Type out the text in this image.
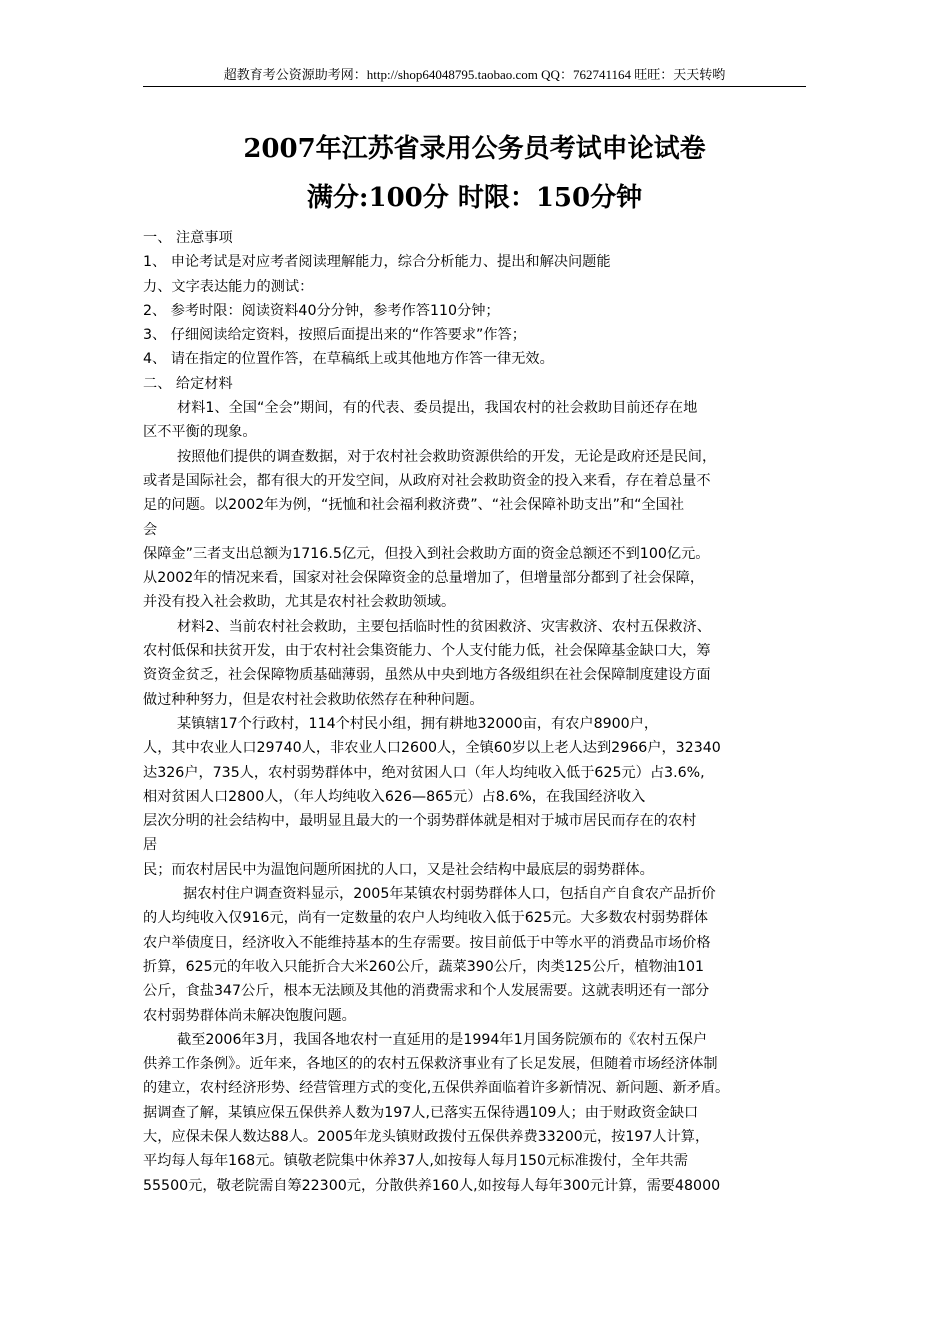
超教育考公资源助考网：http://shop64048795.taobao.com QQ：762741164 旺旺：天天转哟
2007年江苏省录用公务员考试申论试卷
满分:100分 时限：150分钟
一、 注意事项
1、 申论考试是对应考者阅读理解能力，综合分析能力、提出和解决问题能
力、文字表达能力的测试：
2、 参考时限：阅读资料40分分钟，参考作答110分钟；
3、 仔细阅读给定资料，按照后面提出来的“作答要求”作答；
4、 请在指定的位置作答，在草稿纸上或其他地方作答一律无效。
二、 给定材料
材料1、全国“全会”期间，有的代表、委员提出，我国农村的社会救助目前还存在地
区不平衡的现象。
按照他们提供的调查数据，对于农村社会救助资源供给的开发，无论是政府还是民间，
或者是国际社会，都有很大的开发空间，从政府对社会救助资金的投入来看，存在着总量不
足的问题。以2002年为例，“抚恤和社会福利救济费”、“社会保障补助支出”和“全国社
会
保障金”三者支出总额为1716.5亿元，但投入到社会救助方面的资金总额还不到100亿元。
从2002年的情况来看，国家对社会保障资金的总量增加了，但增量部分都到了社会保障，
并没有投入社会救助，尤其是农村社会救助领域。
材料2、当前农村社会救助，主要包括临时性的贫困救济、灾害救济、农村五保救济、
农村低保和扶贫开发，由于农村社会集资能力、个人支付能力低，社会保障基金缺口大，筹
资资金贫乏，社会保障物质基础薄弱，虽然从中央到地方各级组织在社会保障制度建设方面
做过种种努力，但是农村社会救助依然存在种种问题。
某镇辖17个行政村，114个村民小组，拥有耕地32000亩，有农户8900户，
人，其中农业人口29740人，非农业人口2600人，全镇60岁以上老人达到2966户，32340
达326户，735人，农村弱势群体中，绝对贫困人口（年人均纯收入低于625元）占3.6%,
相对贫困人口2800人，（年人均纯收入626—865元）占8.6%，在我国经济收入
层次分明的社会结构中，最明显且最大的一个弱势群体就是相对于城市居民而存在的农村
居
民；而农村居民中为温饱问题所困扰的人口，又是社会结构中最底层的弱势群体。
据农村住户调查资料显示，2005年某镇农村弱势群体人口，包括自产自食农产品折价
的人均纯收入仅916元，尚有一定数量的农户人均纯收入低于625元。大多数农村弱势群体
农户举债度日，经济收入不能维持基本的生存需要。按目前低于中等水平的消费品市场价格
折算，625元的年收入只能折合大米260公斤，蔬菜390公斤，肉类125公斤，植物油101
公斤，食盐347公斤，根本无法顾及其他的消费需求和个人发展需要。这就表明还有一部分
农村弱势群体尚未解决饱腹问题。
截至2006年3月，我国各地农村一直延用的是1994年1月国务院颁布的《农村五保户
供养工作条例》。近年来，各地区的的农村五保救济事业有了长足发展，但随着市场经济体制
的建立，农村经济形势、经营管理方式的变化,五保供养面临着许多新情况、新问题、新矛盾。
据调查了解，某镇应保五保供养人数为197人,已落实五保待遇109人；由于财政资金缺口
大，应保未保人数达88人。2005年龙头镇财政拨付五保供养费33200元，按197人计算，
平均每人每年168元。镇敬老院集中休养37人,如按每人每月150元标准拨付，全年共需
55500元，敬老院需自筹22300元，分散供养160人,如按每人每年300元计算，需要48000
